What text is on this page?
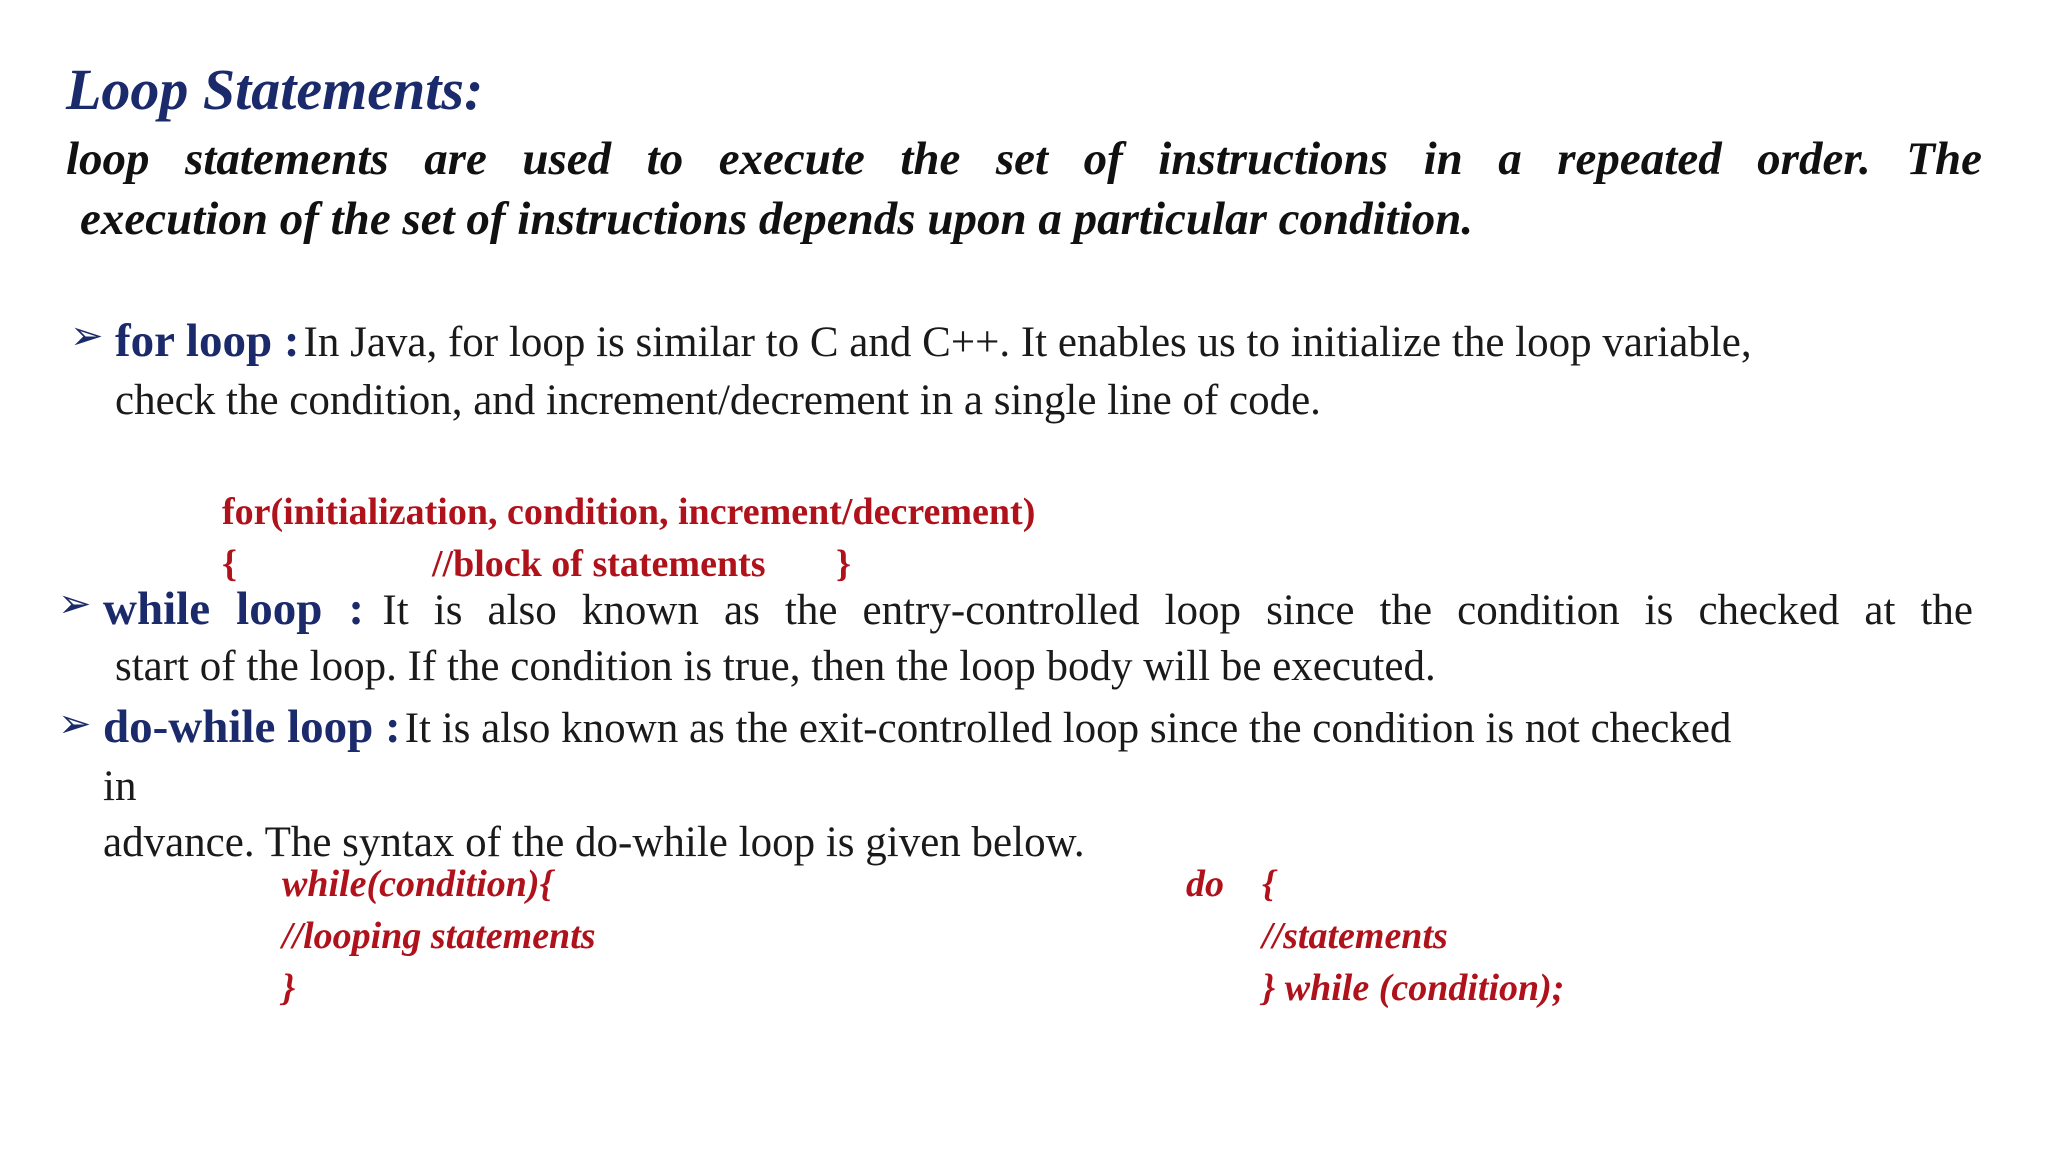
Loop Statements:
loop statements are used to execute the set of instructions in a repeated order. The
execution of the set of instructions depends upon a particular condition.
➢ for loop : In Java, for loop is similar to C and C++. It enables us to initialize the loop variable,
check the condition, and increment/decrement in a single line of code.
for(initialization, condition, increment/decrement)
{	//block of statements }
➢ while loop : It is also known as the entry-controlled loop since the condition is checked at the
start of the loop. If the condition is true, then the loop body will be executed.
➢ do-while loop : It is also known as the exit-controlled loop since the condition is not checked
in
advance. The syntax of the do-while loop is given below.
while(condition){
//looping statements
}
do {
//statements
} while (condition);
